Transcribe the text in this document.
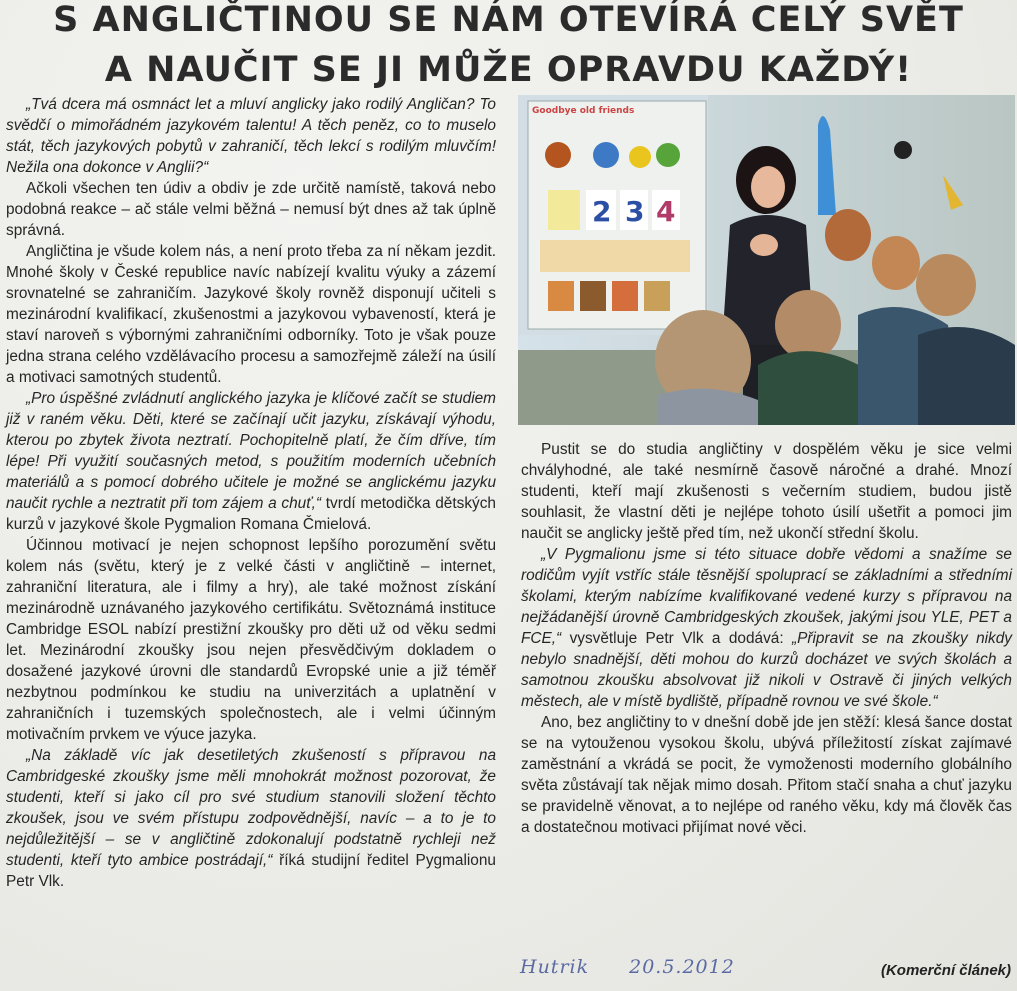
S ANGLIČTINOU SE NÁM OTEVÍRÁ CELÝ SVĚT
A NAUČIT SE JI MŮŽE OPRAVDU KAŽDÝ!

„Tvá dcera má osmnáct let a mluví anglicky jako rodilý Angličan? To svědčí o mimořádném jazykovém talentu! A těch peněz, co to muselo stát, těch jazykových pobytů v zahraničí, těch lekcí s rodilým mluvčím! Nežila ona dokonce v Anglii?“

Ačkoli všechen ten údiv a obdiv je zde určitě namístě, taková nebo podobná reakce – ač stále velmi běžná – nemusí být dnes až tak úplně správná.

Angličtina je všude kolem nás, a není proto třeba za ní někam jezdit. Mnohé školy v České republice navíc nabízejí kvalitu výuky a zázemí srovnatelné se zahraničím. Jazykové školy rovněž disponují učiteli s mezinárodní kvalifikací, zkušenostmi a jazykovou vybaveností, která je staví naroveň s výbornými zahraničními odborníky. Toto je však pouze jedna strana celého vzdělávacího procesu a samozřejmě záleží na úsilí a motivaci samotných studentů.

„Pro úspěšné zvládnutí anglického jazyka je klíčové začít se studiem již v raném věku. Děti, které se začínají učit jazyku, získávají výhodu, kterou po zbytek života neztratí. Pochopitelně platí, že čím dříve, tím lépe! Při využití současných metod, s použitím moderních učebních materiálů a s pomocí dobrého učitele je možné se anglickému jazyku naučit rychle a neztratit při tom zájem a chuť,“ tvrdí metodička dětských kurzů v jazykové škole Pygmalion Romana Čmielová.

Účinnou motivací je nejen schopnost lepšího porozumění světu kolem nás (světu, který je z velké části v angličtině – internet, zahraniční literatura, ale i filmy a hry), ale také možnost získání mezinárodně uznávaného jazykového certifikátu. Světoznámá instituce Cambridge ESOL nabízí prestižní zkoušky pro děti už od věku sedmi let. Mezinárodní zkoušky jsou nejen přesvědčivým dokladem o dosažené jazykové úrovni dle standardů Evropské unie a již téměř nezbytnou podmínkou ke studiu na univerzitách a uplatnění v zahraničních i tuzemských společnostech, ale i velmi účinným motivačním prvkem ve výuce jazyka.

„Na základě víc jak desetiletých zkušeností s přípravou na Cambridgeské zkoušky jsme měli mnohokrát možnost pozorovat, že studenti, kteří si jako cíl pro své studium stanovili složení těchto zkoušek, jsou ve svém přístupu zodpovědnější, navíc – a to je to nejdůležitější – se v angličtině zdokonalují podstatně rychleji než studenti, kteří tyto ambice postrádají,“ říká studijní ředitel Pygmalionu Petr Vlk.

Goodbye old friends
2 3 4

Pustit se do studia angličtiny v dospělém věku je sice velmi chvályhodné, ale také nesmírně časově náročné a drahé. Mnozí studenti, kteří mají zkušenosti s večerním studiem, budou jistě souhlasit, že vlastní děti je nejlépe tohoto úsilí ušetřit a pomoci jim naučit se anglicky ještě před tím, než ukončí střední školu.

„V Pygmalionu jsme si této situace dobře vědomi a snažíme se rodičům vyjít vstříc stále těsnější spoluprací se základními a středními školami, kterým nabízíme kvalifikované vedené kurzy s přípravou na nejžádanější úrovně Cambridgeských zkoušek, jakými jsou YLE, PET a FCE,“ vysvětluje Petr Vlk a dodává: „Připravit se na zkoušky nikdy nebylo snadnější, děti mohou do kurzů docházet ve svých školách a samotnou zkoušku absolvovat již nikoli v Ostravě či jiných velkých městech, ale v místě bydliště, případně rovnou ve své škole.“

Ano, bez angličtiny to v dnešní době jde jen stěží: klesá šance dostat se na vytouženou vysokou školu, ubývá příležitostí získat zajímavé zaměstnání a vkrádá se pocit, že vymoženosti moderního globálního světa zůstávají tak nějak mimo dosah. Přitom stačí snaha a chuť jazyku se pravidelně věnovat, a to nejlépe od raného věku, kdy má člověk čas a dostatečnou motivaci přijímat nové věci.

Hutrik 20.5.2012	(Komerční článek)
